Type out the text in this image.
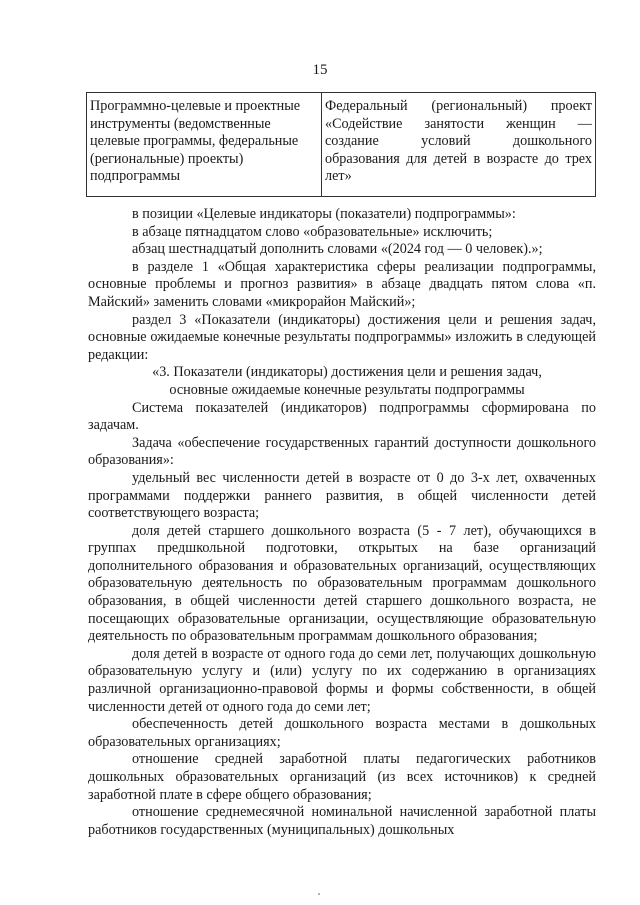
15
Программно-целевые и проектные инструменты (ведомственные целевые программы, федеральные (региональные) проекты) подпрограммы	Федеральный (региональный) проект «Содействие занятости женщин — создание условий дошкольного образования для детей в возрасте до трех лет»

в позиции «Целевые индикаторы (показатели) подпрограммы»:

в абзаце пятнадцатом слово «образовательные» исключить;

абзац шестнадцатый дополнить словами «(2024 год — 0 человек).»;

в разделе 1 «Общая характеристика сферы реализации подпрограммы, основные проблемы и прогноз развития» в абзаце двадцать пятом слова «п. Майский» заменить словами «микрорайон Майский»;

раздел 3 «Показатели (индикаторы) достижения цели и решения задач, основные ожидаемые конечные результаты подпрограммы» изложить в следующей редакции:

«3. Показатели (индикаторы) достижения цели и решения задач,
основные ожидаемые конечные результаты подпрограммы

Система показателей (индикаторов) подпрограммы сформирована по задачам.

Задача «обеспечение государственных гарантий доступности дошкольного образования»:

удельный вес численности детей в возрасте от 0 до 3-х лет, охваченных программами поддержки раннего развития, в общей численности детей соответствующего возраста;

доля детей старшего дошкольного возраста (5 - 7 лет), обучающихся в группах предшкольной подготовки, открытых на базе организаций дополнительного образования и образовательных организаций, осуществляющих образовательную деятельность по образовательным программам дошкольного образования, в общей численности детей старшего дошкольного возраста, не посещающих образовательные организации, осуществляющие образовательную деятельность по образовательным программам дошкольного образования;

доля детей в возрасте от одного года до семи лет, получающих дошкольную образовательную услугу и (или) услугу по их содержанию в организациях различной организационно-правовой формы и формы собственности, в общей численности детей от одного года до семи лет;

обеспеченность детей дошкольного возраста местами в дошкольных образовательных организациях;

отношение средней заработной платы педагогических работников дошкольных образовательных организаций (из всех источников) к средней заработной плате в сфере общего образования;

отношение среднемесячной номинальной начисленной заработной платы работников государственных (муниципальных) дошкольных
